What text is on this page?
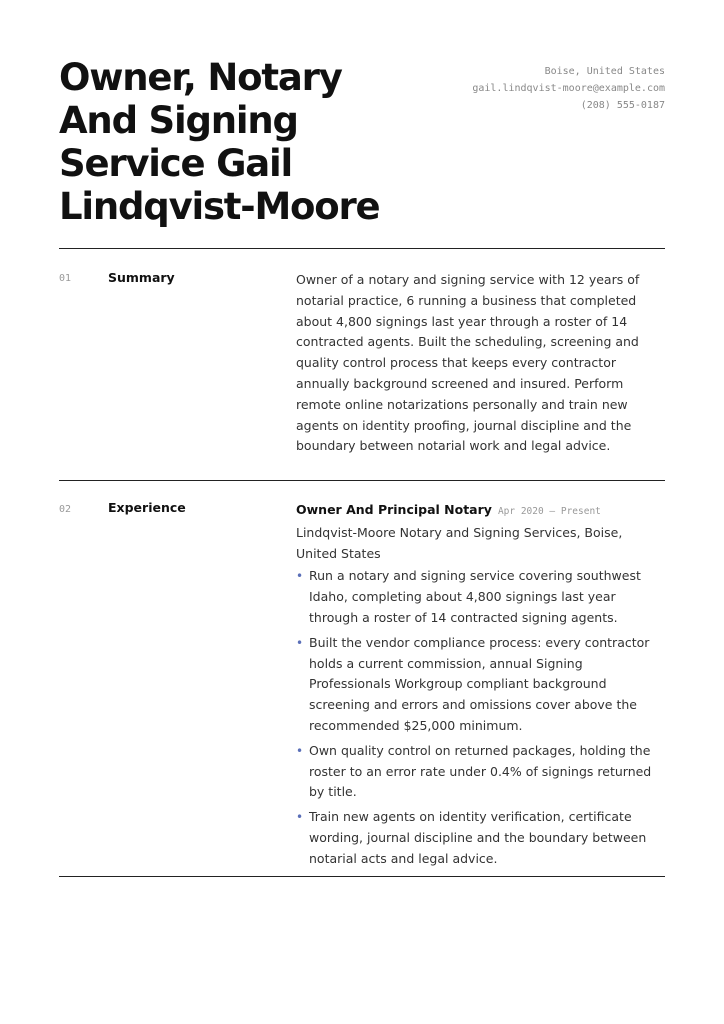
Owner, Notary And Signing Service Gail Lindqvist-Moore
Boise, United States
gail.lindqvist-moore@example.com
(208) 555-0187
01	Summary	Owner of a notary and signing service with 12 years of notarial practice, 6 running a business that completed about 4,800 signings last year through a roster of 14 contracted agents. Built the scheduling, screening and quality control process that keeps every contractor annually background screened and insured. Perform remote online notarizations personally and train new agents on identity proofing, journal discipline and the boundary between notarial work and legal advice.
02	Experience	Owner And Principal Notary Apr 2020 — Present
Lindqvist-Moore Notary and Signing Services, Boise, United States
• Run a notary and signing service covering southwest Idaho, completing about 4,800 signings last year through a roster of 14 contracted signing agents.
• Built the vendor compliance process: every contractor holds a current commission, annual Signing Professionals Workgroup compliant background screening and errors and omissions cover above the recommended $25,000 minimum.
• Own quality control on returned packages, holding the roster to an error rate under 0.4% of signings returned by title.
• Train new agents on identity verification, certificate wording, journal discipline and the boundary between notarial acts and legal advice.
